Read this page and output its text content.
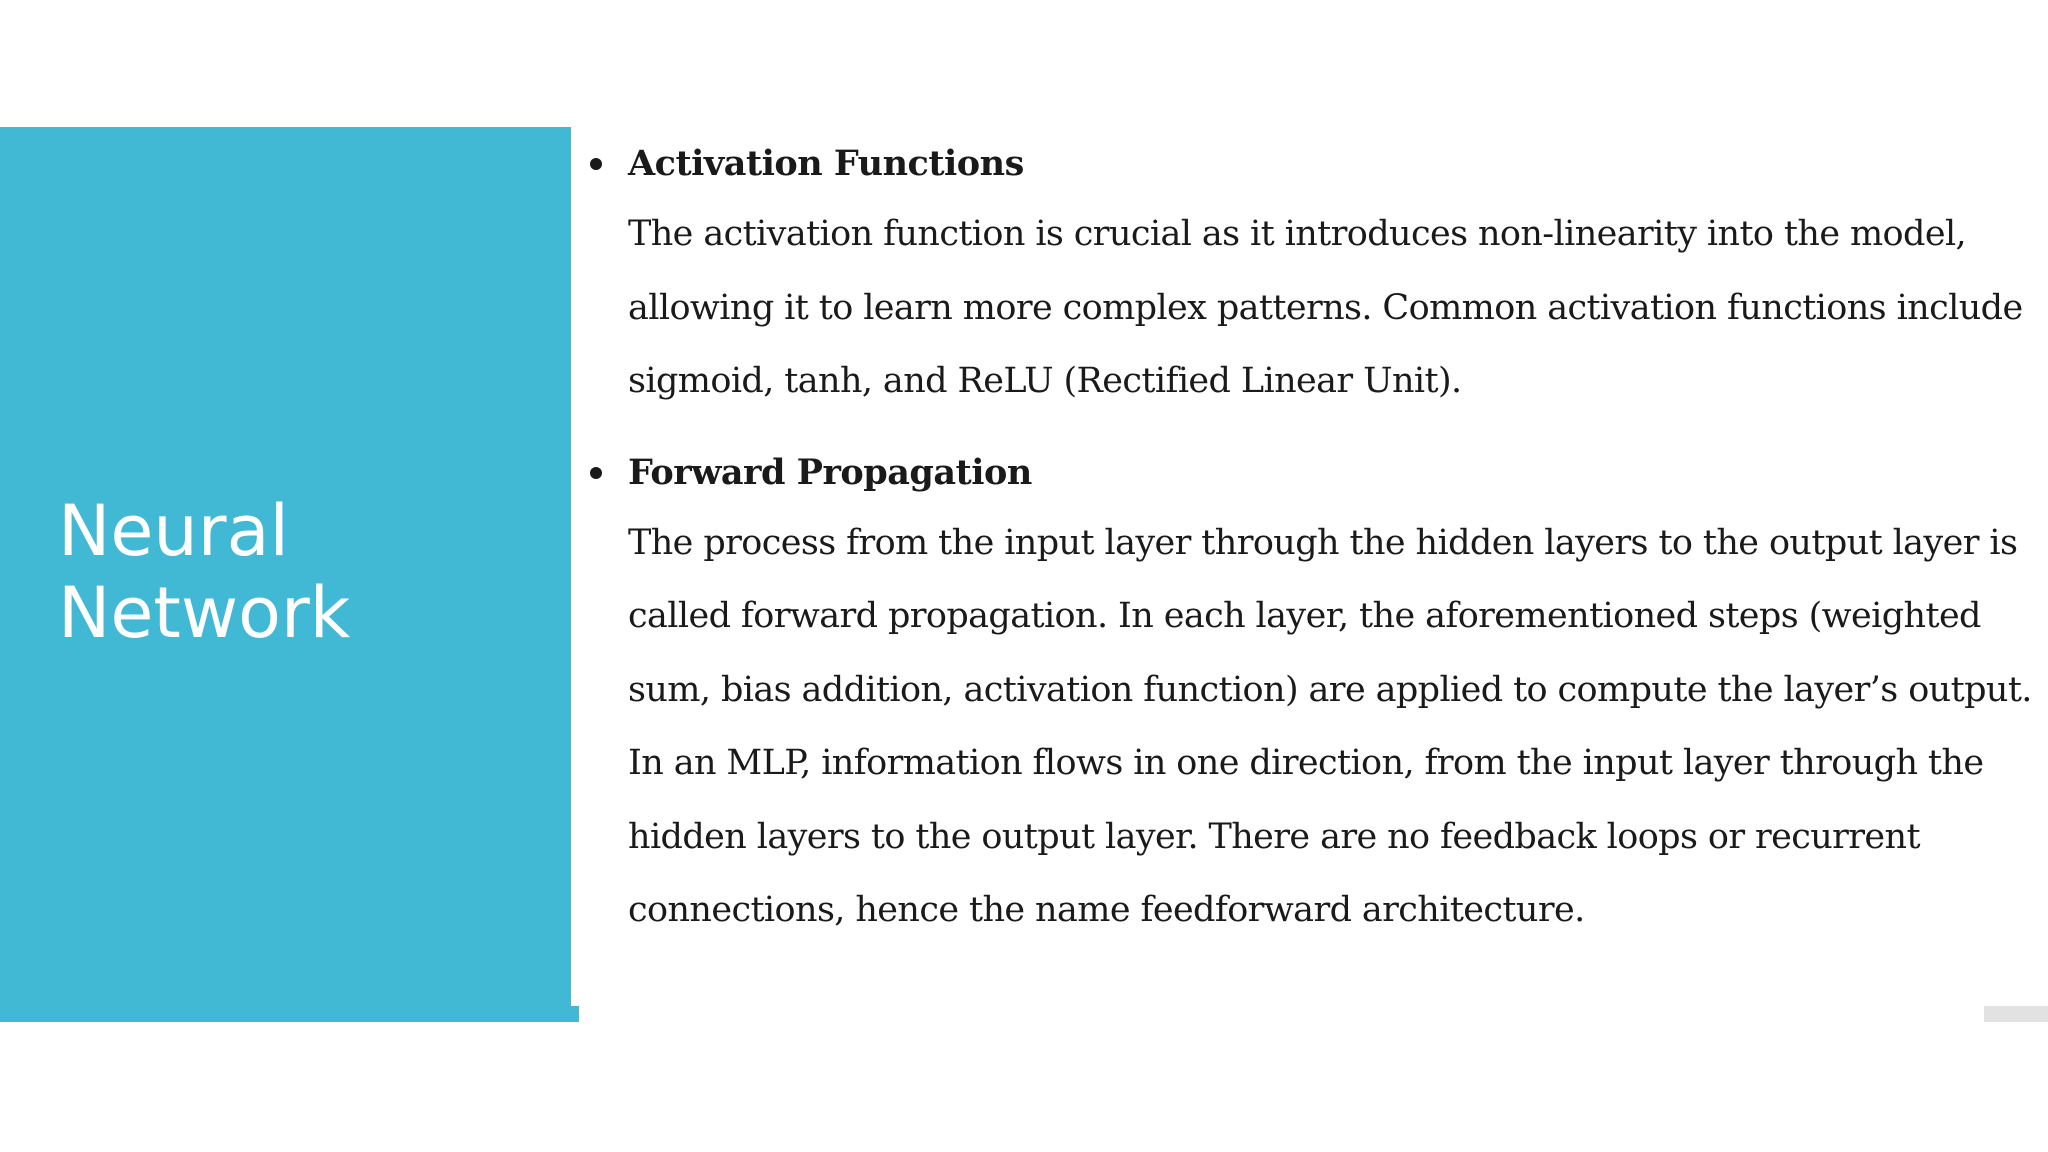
Neural
Network
Activation Functions
The activation function is crucial as it introduces non-linearity into the model,
allowing it to learn more complex patterns. Common activation functions include
sigmoid, tanh, and ReLU (Rectified Linear Unit).
Forward Propagation
The process from the input layer through the hidden layers to the output layer is
called forward propagation. In each layer, the aforementioned steps (weighted
sum, bias addition, activation function) are applied to compute the layer’s output.
In an MLP, information flows in one direction, from the input layer through the
hidden layers to the output layer. There are no feedback loops or recurrent
connections, hence the name feedforward architecture.
